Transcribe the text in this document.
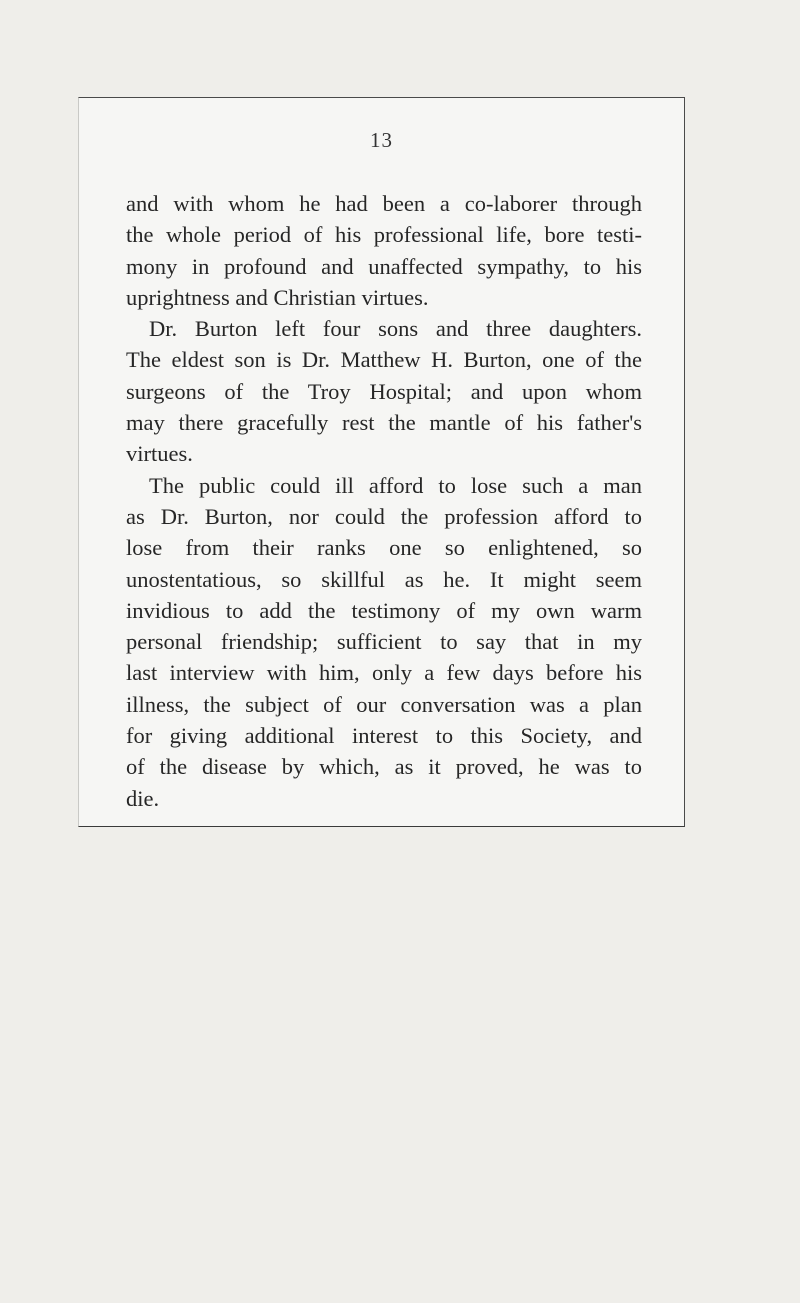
13
and with whom he had been a co-laborer through
the whole period of his professional life, bore testi-
mony in profound and unaffected sympathy, to his
uprightness and Christian virtues.
Dr. Burton left four sons and three daughters.
The eldest son is Dr. Matthew H. Burton, one of the
surgeons of the Troy Hospital; and upon whom
may there gracefully rest the mantle of his father's
virtues.
The public could ill afford to lose such a man
as Dr. Burton, nor could the profession afford to
lose from their ranks one so enlightened, so
unostentatious, so skillful as he. It might seem
invidious to add the testimony of my own warm
personal friendship; sufficient to say that in my
last interview with him, only a few days before his
illness, the subject of our conversation was a plan
for giving additional interest to this Society, and
of the disease by which, as it proved, he was to
die.
